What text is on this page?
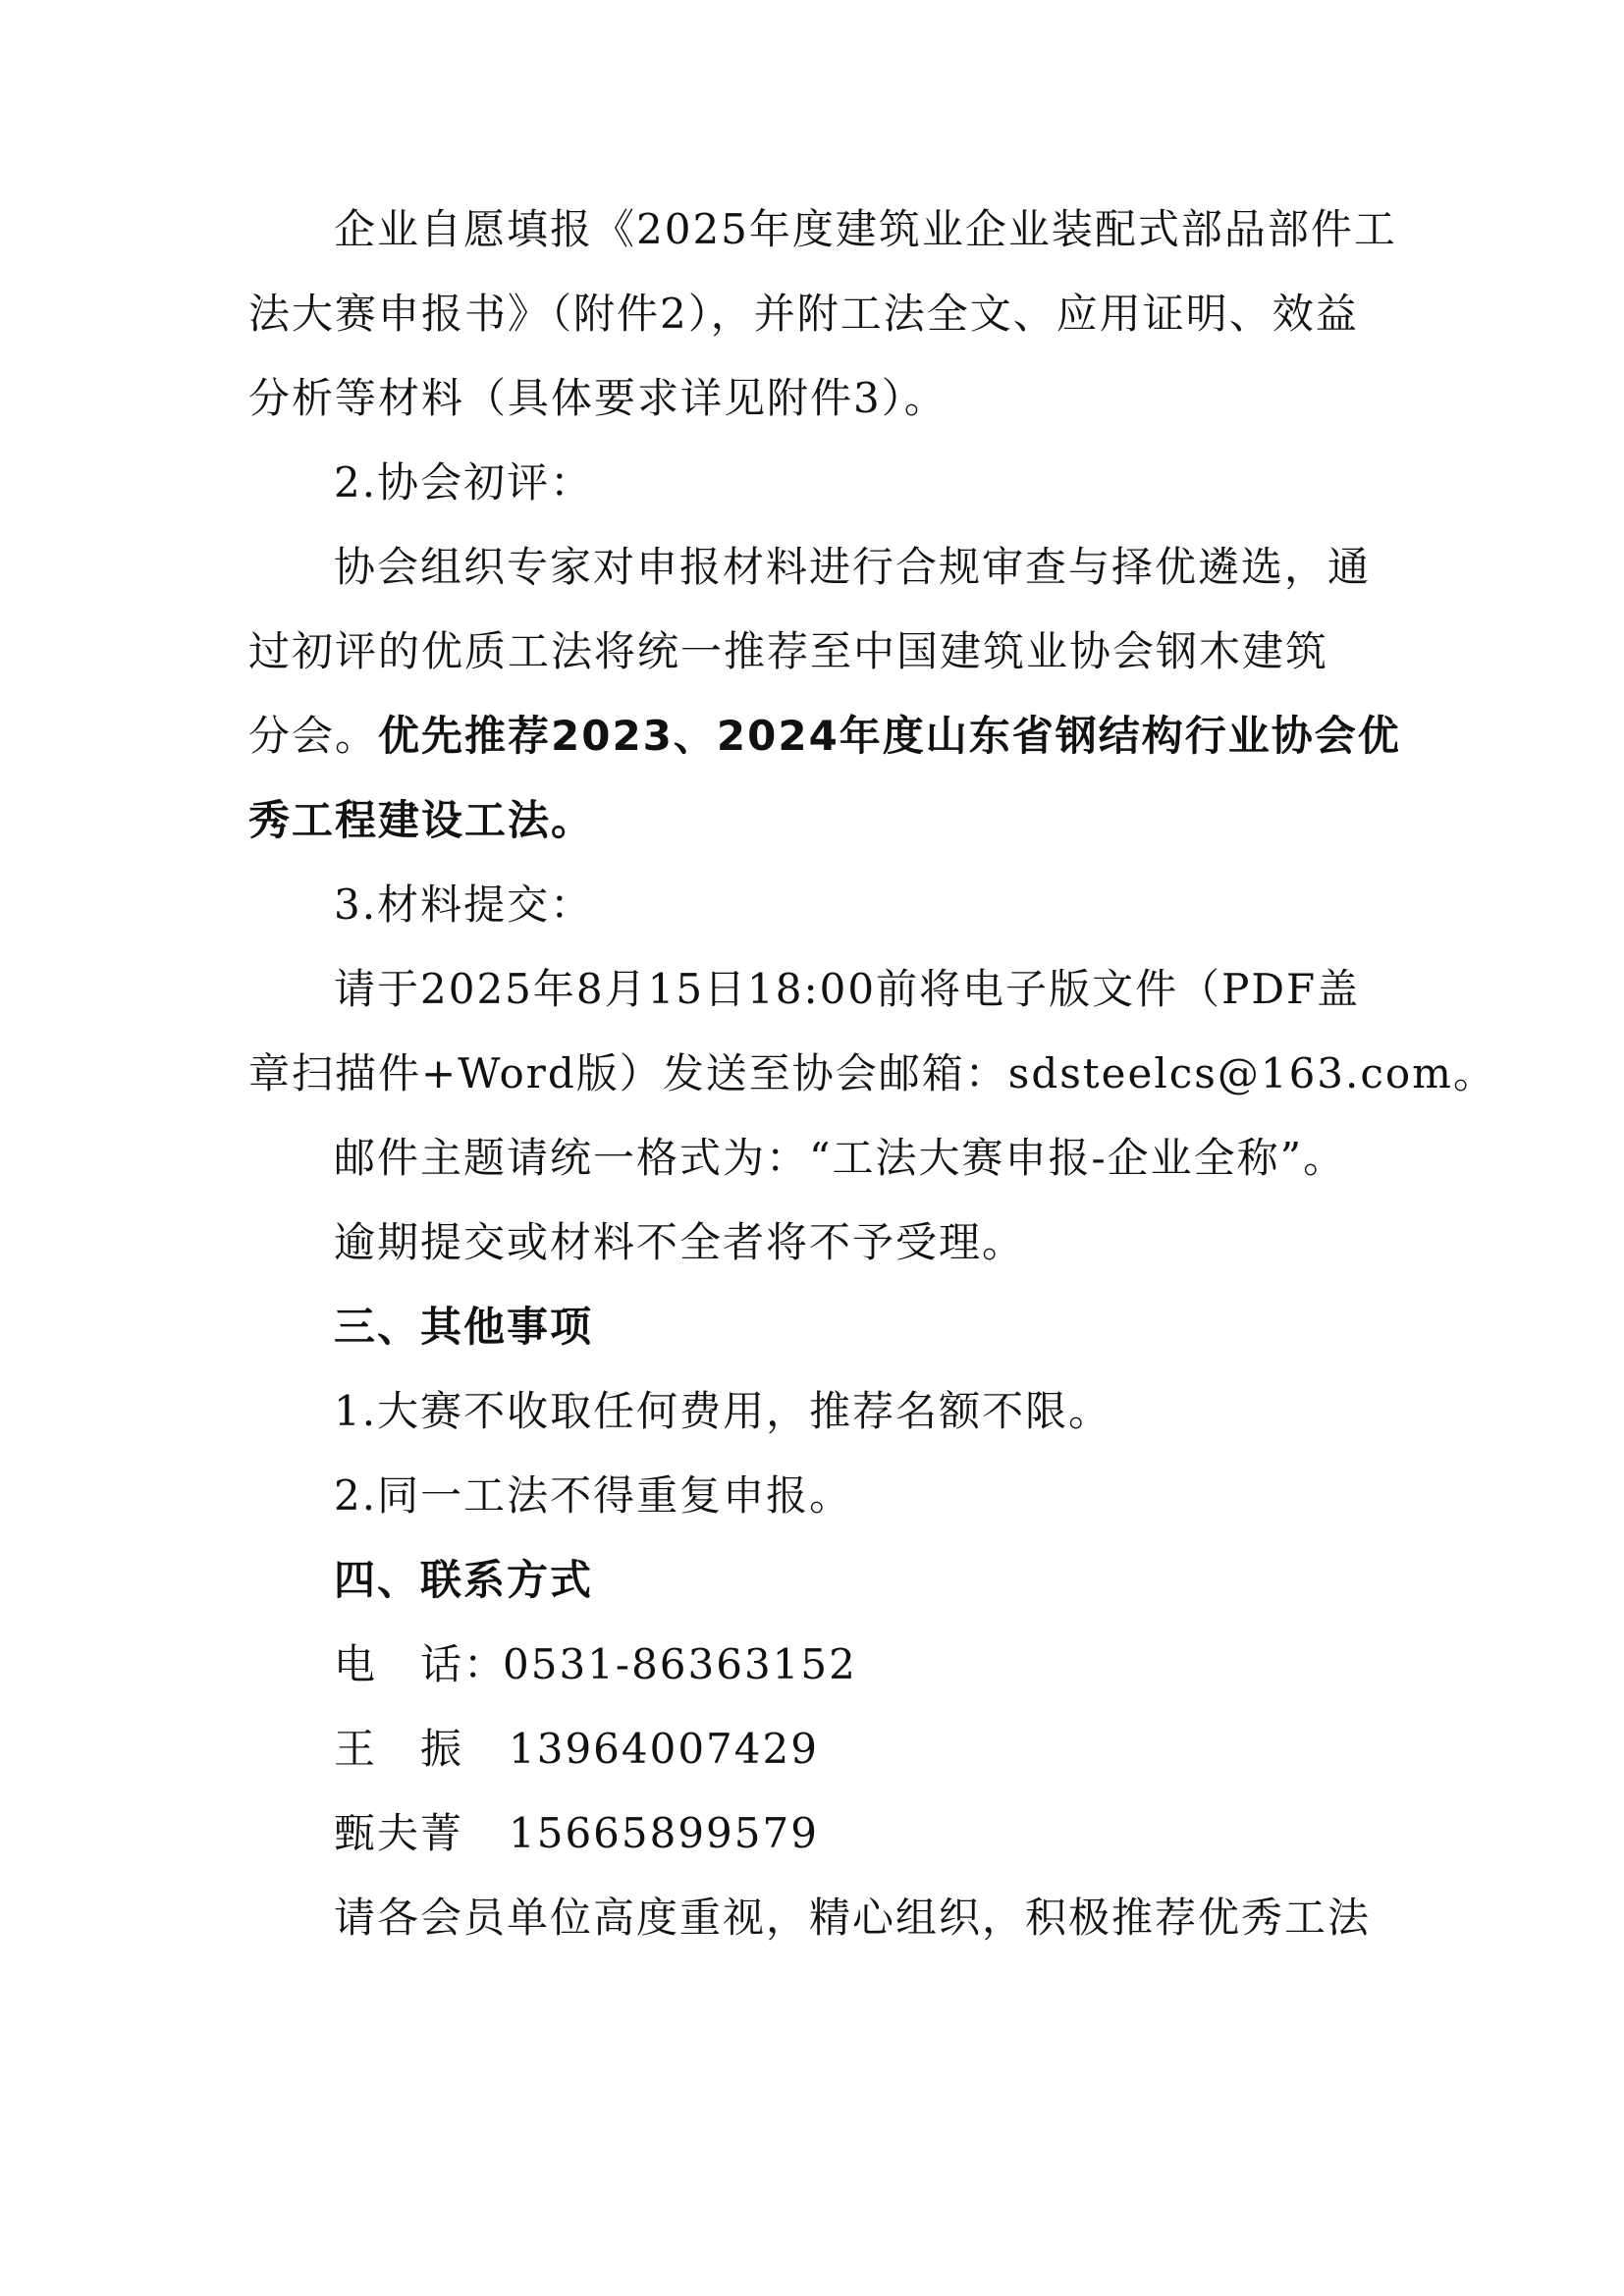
企业自愿填报《2025年度建筑业企业装配式部品部件工
法大赛申报书》（附件2），并附工法全文、应用证明、效益
分析等材料（具体要求详见附件3）。
2.协会初评：
协会组织专家对申报材料进行合规审查与择优遴选，通
过初评的优质工法将统一推荐至中国建筑业协会钢木建筑
分会。优先推荐2023、2024年度山东省钢结构行业协会优
秀工程建设工法。
3.材料提交：
请于2025年8月15日18:00前将电子版文件（PDF盖
章扫描件+Word版）发送至协会邮箱：sdsteelcs@163.com。
邮件主题请统一格式为：“工法大赛申报-企业全称”。
逾期提交或材料不全者将不予受理。
三、其他事项
1.大赛不收取任何费用，推荐名额不限。
2.同一工法不得重复申报。
四、联系方式
电　话：0531-86363152
王　振 13964007429
甄夫菁 15665899579
请各会员单位高度重视，精心组织，积极推荐优秀工法
